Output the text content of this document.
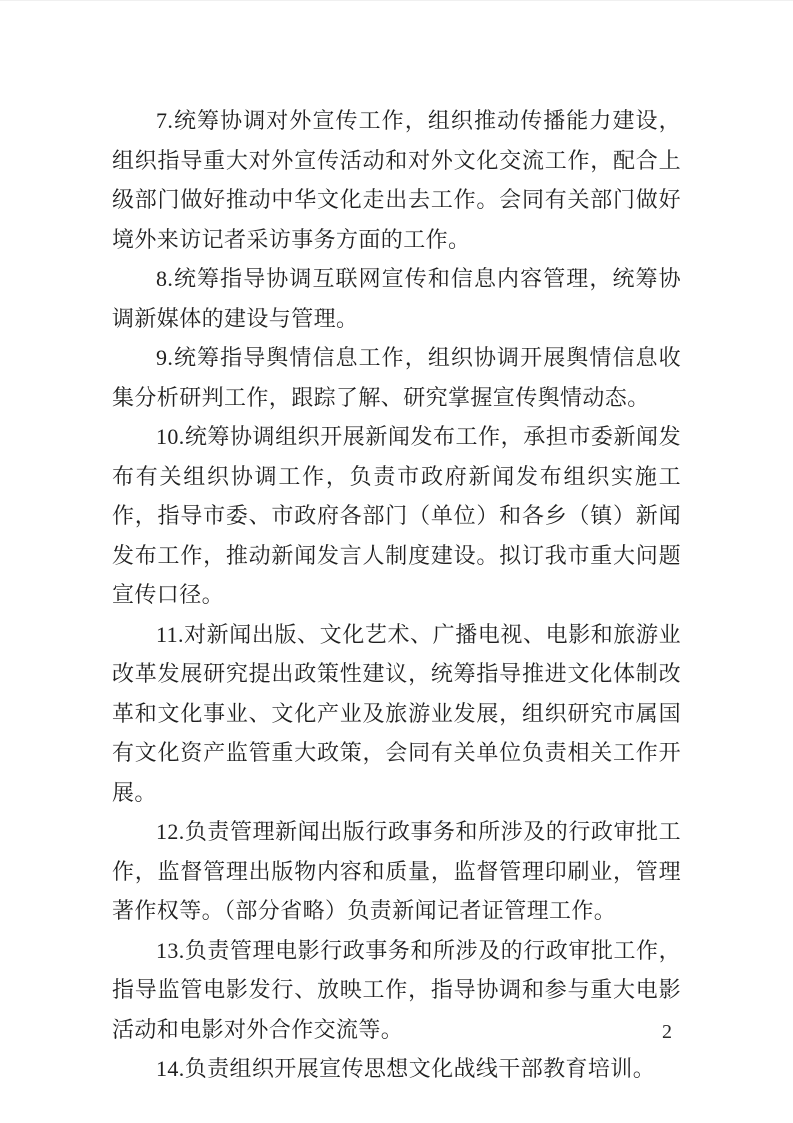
7.统筹协调对外宣传工作，组织推动传播能力建设，组织指导重大对外宣传活动和对外文化交流工作，配合上级部门做好推动中华文化走出去工作。会同有关部门做好境外来访记者采访事务方面的工作。

8.统筹指导协调互联网宣传和信息内容管理，统筹协调新媒体的建设与管理。

9.统筹指导舆情信息工作，组织协调开展舆情信息收集分析研判工作，跟踪了解、研究掌握宣传舆情动态。

10.统筹协调组织开展新闻发布工作，承担市委新闻发布有关组织协调工作，负责市政府新闻发布组织实施工作，指导市委、市政府各部门（单位）和各乡（镇）新闻发布工作，推动新闻发言人制度建设。拟订我市重大问题宣传口径。

11.对新闻出版、文化艺术、广播电视、电影和旅游业改革发展研究提出政策性建议，统筹指导推进文化体制改革和文化事业、文化产业及旅游业发展，组织研究市属国有文化资产监管重大政策，会同有关单位负责相关工作开展。

12.负责管理新闻出版行政事务和所涉及的行政审批工作，监督管理出版物内容和质量，监督管理印刷业，管理著作权等。（部分省略）负责新闻记者证管理工作。

13.负责管理电影行政事务和所涉及的行政审批工作，指导监管电影发行、放映工作，指导协调和参与重大电影活动和电影对外合作交流等。

14.负责组织开展宣传思想文化战线干部教育培训。

2
